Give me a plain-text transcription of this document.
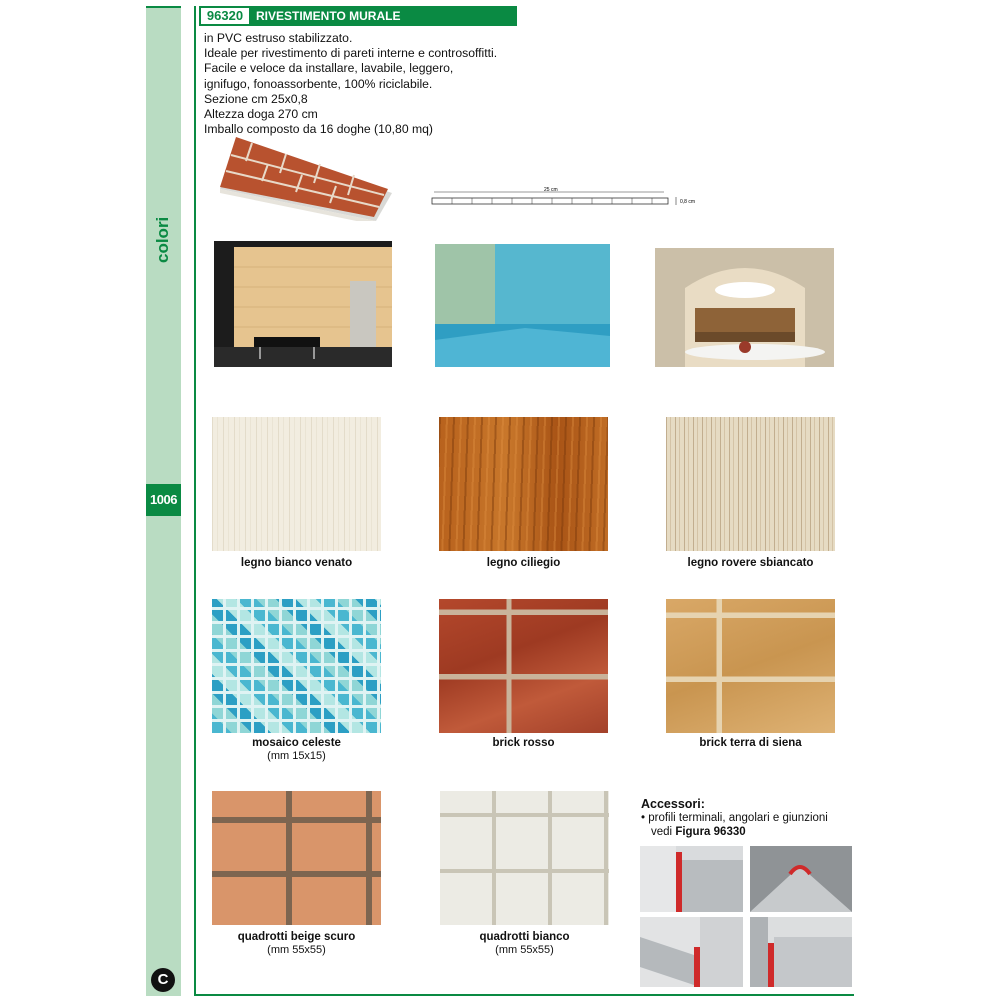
colori
1006
C
96320	RIVESTIMENTO MURALE
in PVC estruso stabilizzato.
Ideale per rivestimento di pareti interne e controsoffitti.
Facile e veloce da installare, lavabile, leggero,
ignifugo, fonoassorbente, 100% riciclabile.
Sezione cm 25x0,8
Altezza doga 270 cm
Imballo composto da 16 doghe (10,80 mq)
25 cm
0,8 cm
legno bianco venato	legno ciliegio	legno rovere sbiancato
mosaico celeste
(mm 15x15)
brick rosso	brick terra di siena
quadrotti beige scuro
(mm 55x55)
quadrotti bianco
(mm 55x55)
Accessori:
• profili terminali, angolari e giunzioni
vedi Figura 96330
